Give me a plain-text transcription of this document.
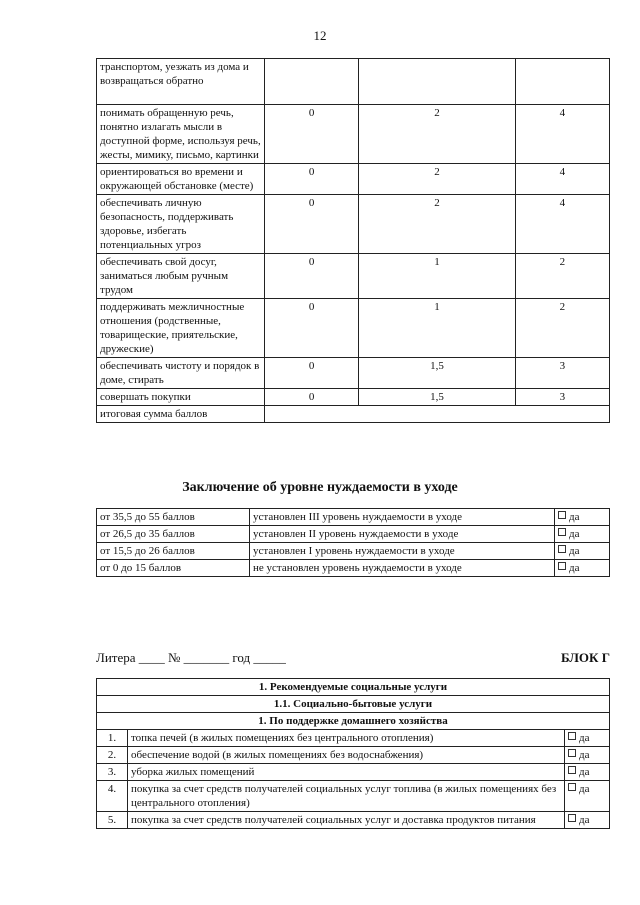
12
транспортом, уезжать из дома и возвращаться обратно			
понимать обращенную речь, понятно излагать мысли в доступной форме, используя речь, жесты, мимику, письмо, картинки	0	2	4
ориентироваться во времени и окружающей обстановке (месте)	0	2	4
обеспечивать личную безопасность, поддерживать здоровье, избегать потенциальных угроз	0	2	4
обеспечивать свой досуг, заниматься любым ручным трудом	0	1	2
поддерживать межличностные отношения (родственные, товарищеские, приятельские, дружеские)	0	1	2
обеспечивать чистоту и порядок в доме, стирать	0	1,5	3
совершать покупки	0	1,5	3
итоговая сумма баллов			
Заключение об уровне нуждаемости в уходе
от 35,5 до 55 баллов	установлен III уровень нуждаемости в уходе	да
от 26,5 до 35 баллов	установлен II уровень нуждаемости в уходе	да
от 15,5 до 26 баллов	установлен I уровень нуждаемости в уходе	да
от 0 до 15 баллов	не установлен уровень нуждаемости в уходе	да
Литера ____ № _______ год _____	БЛОК Г
1. Рекомендуемые социальные услуги		
1.1. Социально-бытовые услуги		
1. По поддержке домашнего хозяйства		
1.	топка печей (в жилых помещениях без центрального отопления)	да
2.	обеспечение водой (в жилых помещениях без водоснабжения)	да
3.	уборка жилых помещений	да
4.	покупка за счет средств получателей социальных услуг топлива (в жилых помещениях без центрального отопления)	да
5.	покупка за счет средств получателей социальных услуг и доставка продуктов питания	да
